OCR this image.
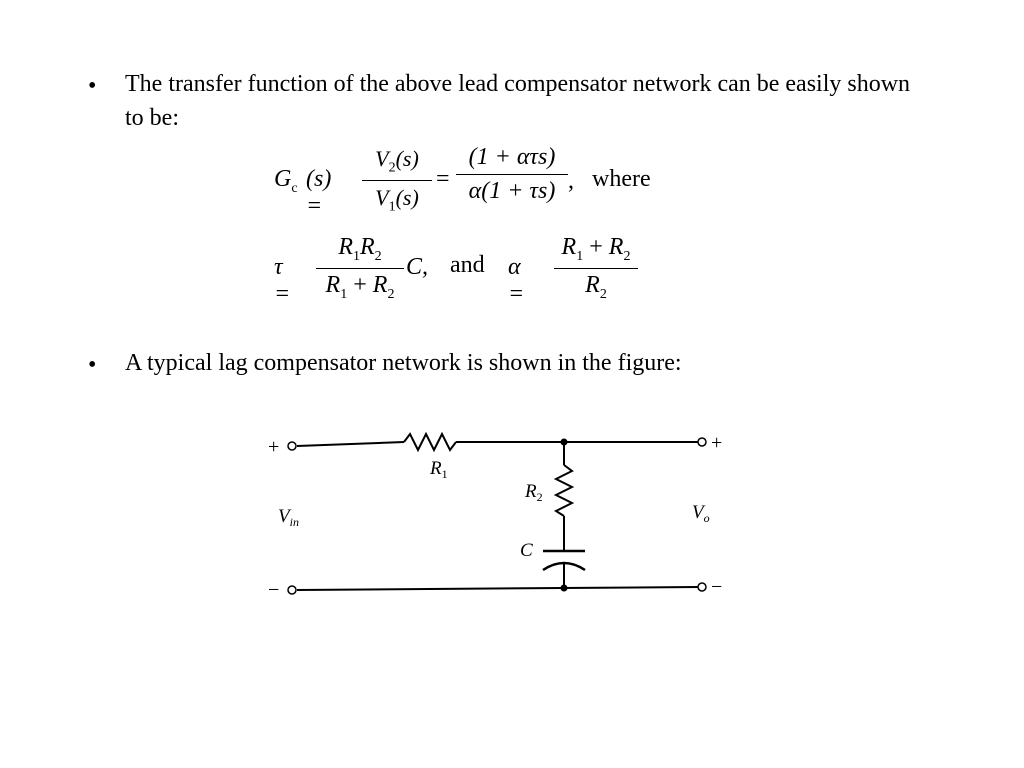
• The transfer function of the above lead compensator network can be easily shown to be:
$G_c$ (s) =
$V_2(s)$
$V_1(s)$
=
(1 + ατs)
α(1 + τs) , where
τ =
$R_1R_2$
$R_1 + R_2$
C, and α =
$R_1 + R_2$
$R_2$
• A typical lag compensator network is shown in the figure:
+
−
+
−
$R_1$
$R_2$
C
$V_{in}$	$V_o$
